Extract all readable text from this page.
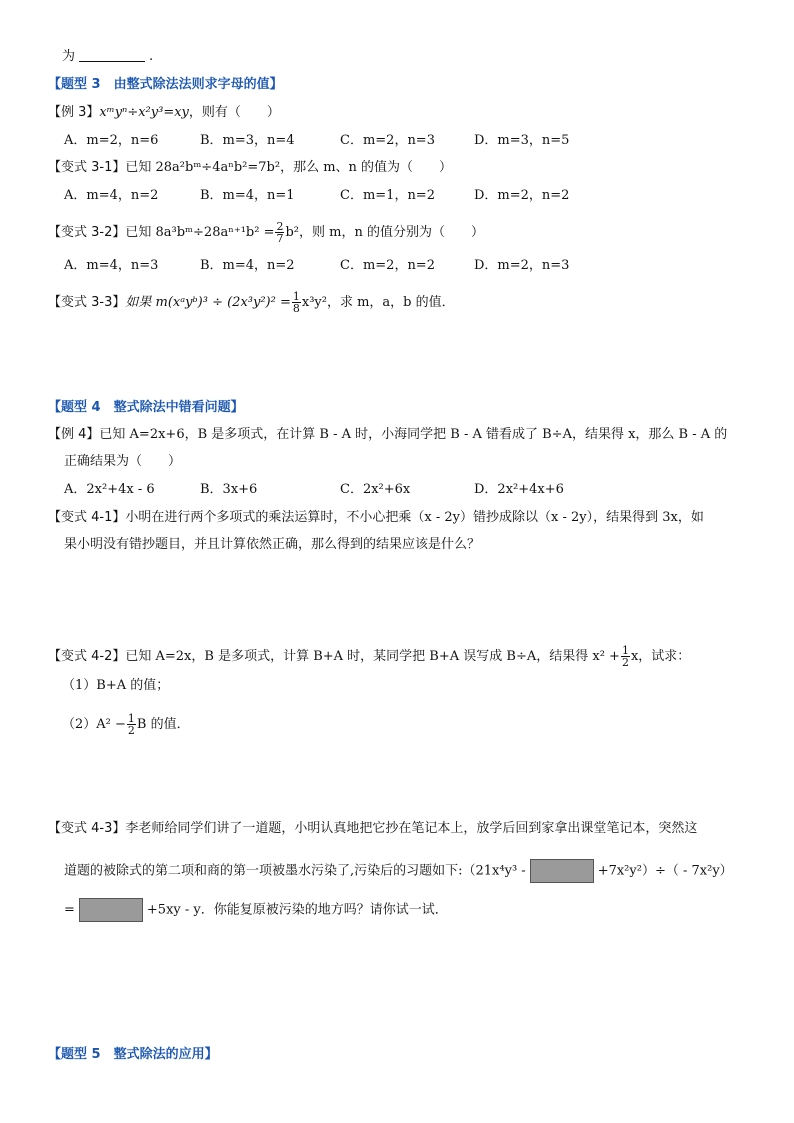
为	.
【题型 3　由整式除法法则求字母的值】
【例 3】xᵐyⁿ÷x²y³=xy，则有（　　）
A．m=2，n=6	B．m=3，n=4	C．m=2，n=3	D．m=3，n=5
【变式 3-1】已知 28a²bᵐ÷4aⁿb²=7b²，那么 m、n 的值为（　　）
A．m=4，n=2	B．m=4，n=1	C．m=1，n=2	D．m=2，n=2
【变式 3-2】已知 8a³bᵐ÷28aⁿ⁺¹b² = $\frac{2}{7} b^2$，则 m，n 的值分别为（　　）
A．m=4，n=3	B．m=4，n=2	C．m=2，n=2	D．m=2，n=3
【变式 3-3】如果 m(xᵃyᵇ)³ ÷ $(2x^3y^2)^2 = \frac{1}{8} x^3y^2$，求 m，a，b 的值．
【题型 4　整式除法中错看问题】
【例 4】已知 A=2x+6，B 是多项式，在计算 B - A 时，小海同学把 B - A 错看成了 B÷A，结果得 x，那么 B - A 的
正确结果为（　　）
A．2x²+4x - 6	B．3x+6	C．2x²+6x	D．2x²+4x+6
【变式 4-1】小明在进行两个多项式的乘法运算时，不小心把乘（x - 2y）错抄成除以（x - 2y），结果得到 3x，如
果小明没有错抄题目，并且计算依然正确，那么得到的结果应该是什么？
【变式 4-2】已知 A=2x，B 是多项式，计算 B+A 时，某同学把 B+A 误写成 B÷A，结果得 $x^2 + \frac{1}{2}$ x，试求：
（1）B+A 的值；
$(2)A^2 - \frac{1}{2}$ B 的值．
【变式 4-3】李老师给同学们讲了一道题，小明认真地把它抄在笔记本上，放学后回到家拿出课堂笔记本，突然这
道题的被除式的第二项和商的第一项被墨水污染了,污染后的习题如下:（21x⁴y³ -	+7x²y²）÷（ - 7x²y）
=	+5xy - y．你能复原被污染的地方吗？请你试一试．
【题型 5　整式除法的应用】
